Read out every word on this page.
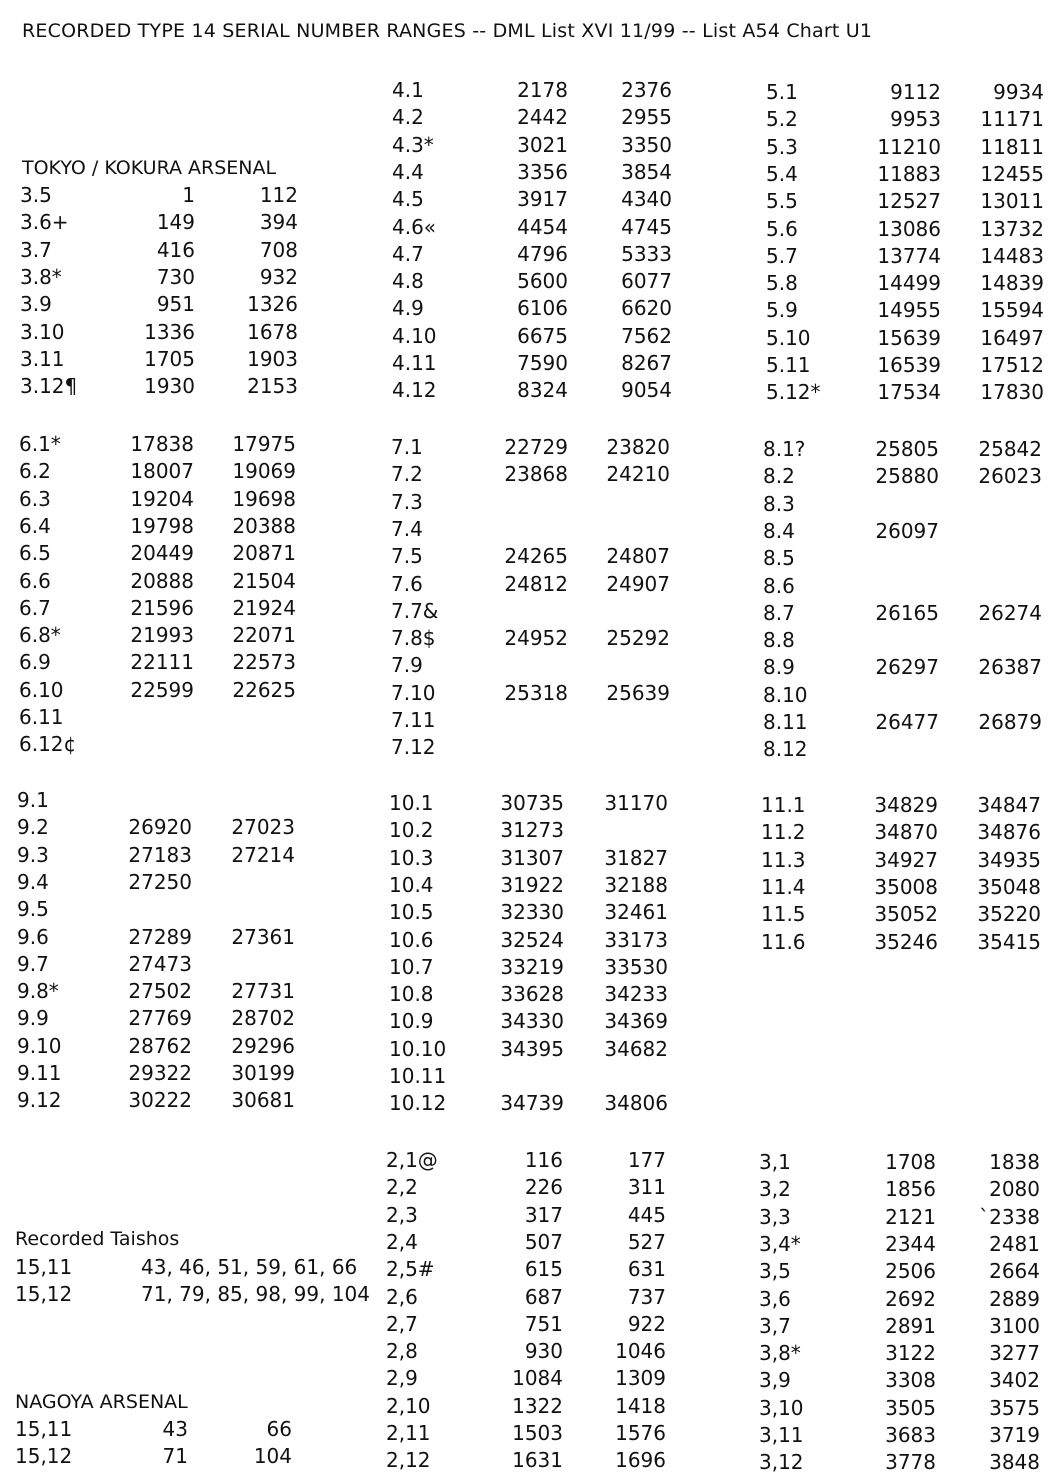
RECORDED TYPE 14 SERIAL NUMBER RANGES -- DML List XVI 11/99 -- List A54 Chart U1
TOKYO / KOKURA ARSENAL
Recorded Taishos
NAGOYA ARSENAL
3.5	1	112
3.6+	149	394
3.7	416	708
3.8*	730	932
3.9	951	1326
3.10	1336	1678
3.11	1705	1903
3.12¶	1930	2153
4.1	2178	2376
4.2	2442	2955
4.3*	3021	3350
4.4	3356	3854
4.5	3917	4340
4.6«	4454	4745
4.7	4796	5333
4.8	5600	6077
4.9	6106	6620
4.10	6675	7562
4.11	7590	8267
4.12	8324	9054
5.1	9112	9934
5.2	9953 11171
5.3	11210 11811
5.4	11883 12455
5.5	12527 13011
5.6	13086 13732
5.7	13774 14483
5.8	14499 14839
5.9	14955 15594
5.10	15639 16497
5.11	16539 17512
5.12*	17534 17830
6.1*	17838 17975
6.2	18007 19069
6.3	19204 19698
6.4	19798 20388
6.5	20449 20871
6.6	20888 21504
6.7	21596 21924
6.8*	21993 22071
6.9	22111 22573
6.10	22599 22625
6.11
6.12¢
7.1	22729 23820
7.2	23868 24210
7.3
7.4
7.5	24265 24807
7.6	24812 24907
7.7&
7.8$	24952 25292
7.9
7.10	25318 25639
7.11
7.12
8.1?	25805 25842
8.2	25880 26023
8.3
8.4	26097
8.5
8.6
8.7	26165 26274
8.8
8.9	26297 26387
8.10
8.11	26477 26879
8.12
9.1
9.2	26920 27023
9.3	27183 27214
9.4	27250
9.5
9.6	27289 27361
9.7	27473
9.8*	27502 27731
9.9	27769 28702
9.10	28762 29296
9.11	29322 30199
9.12	30222 30681
10.1	30735 31170
10.2	31273
10.3	31307 31827
10.4	31922 32188
10.5	32330 32461
10.6	32524 33173
10.7	33219 33530
10.8	33628 34233
10.9	34330 34369
10.10	34395 34682
10.11
10.12	34739 34806
11.1	34829 34847
11.2	34870 34876
11.3	34927 34935
11.4	35008 35048
11.5	35052 35220
11.6	35246 35415
2,1@	116	177
2,2	226	311
2,3	317	445
2,4	507	527
2,5#	615	631
2,6	687	737
2,7	751	922
2,8	930	1046
2,9	1084	1309
2,10	1322	1418
2,11	1503	1576
2,12	1631	1696
3,1	1708	1838
3,2	1856	2080
3,3	2121 `2338
3,4*	2344	2481
3,5	2506	2664
3,6	2692	2889
3,7	2891	3100
3,8*	3122	3277
3,9	3308	3402
3,10	3505	3575
3,11	3683	3719
3,12	3778	3848
15,11	43	66
15,12	71	104
15,11	43, 46, 51, 59, 61, 66
15,12	71, 79, 85, 98, 99, 104
